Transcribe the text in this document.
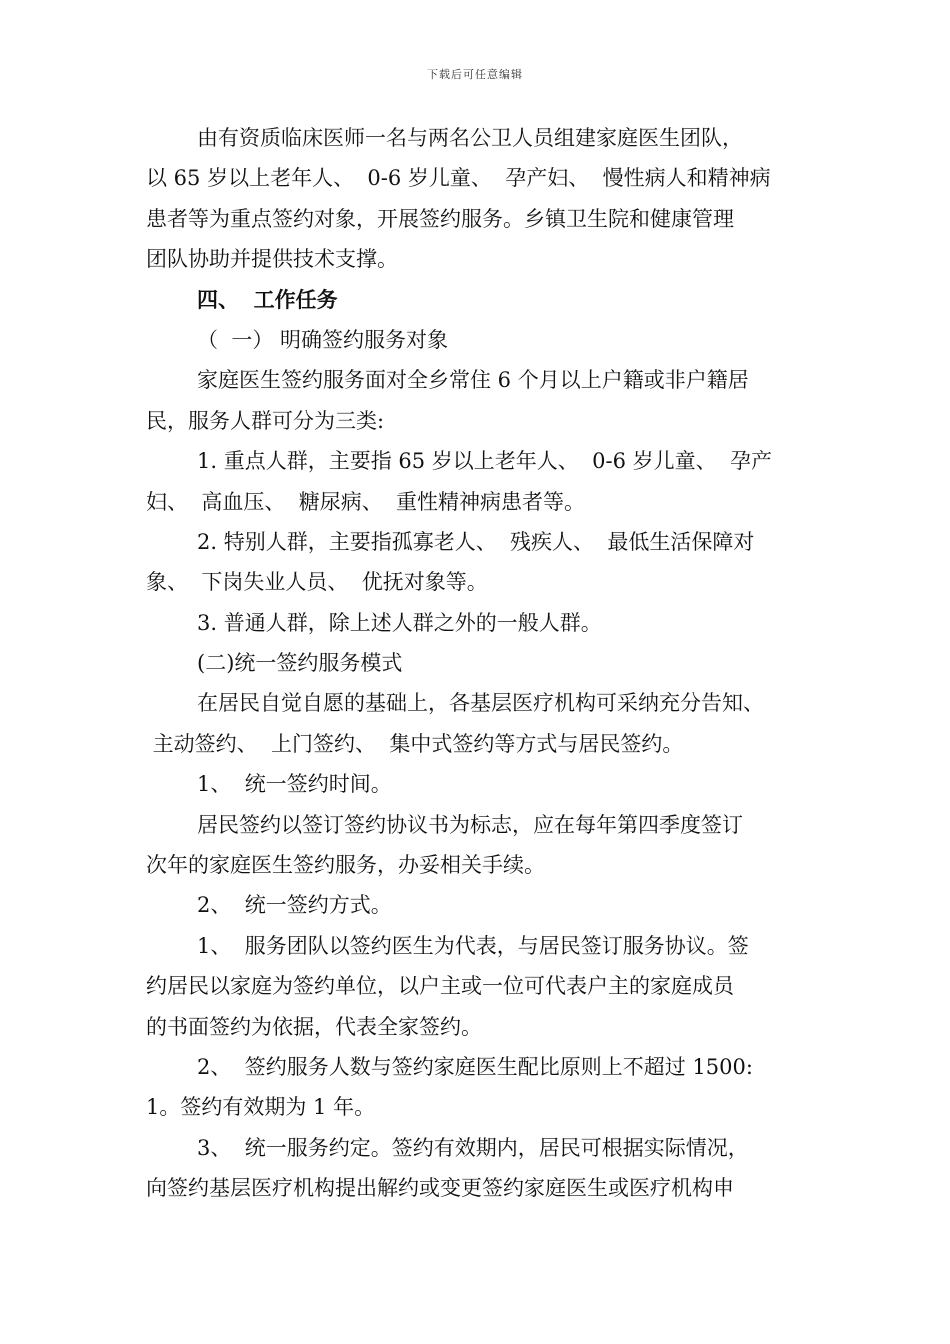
下载后可任意编辑
由有资质临床医师一名与两名公卫人员组建家庭医生团队，
以 65 岁以上老年人、  0-6 岁儿童、  孕产妇、  慢性病人和精神病
患者等为重点签约对象，开展签约服务。乡镇卫生院和健康管理
团队协助并提供技术支撑。
四、  工作任务
（  一） 明确签约服务对象
家庭医生签约服务面对全乡常住 6 个月以上户籍或非户籍居
民，服务人群可分为三类:
1. 重点人群，主要指 65 岁以上老年人、  0-6 岁儿童、  孕产
妇、  高血压、  糖尿病、  重性精神病患者等。
2. 特别人群，主要指孤寡老人、  残疾人、  最低生活保障对
象、  下岗失业人员、  优抚对象等。
3. 普通人群，除上述人群之外的一般人群。
(二)统一签约服务模式
在居民自觉自愿的基础上，各基层医疗机构可采纳充分告知、
主动签约、  上门签约、  集中式签约等方式与居民签约。
1、  统一签约时间。
居民签约以签订签约协议书为标志，应在每年第四季度签订
次年的家庭医生签约服务，办妥相关手续。
2、  统一签约方式。
1、  服务团队以签约医生为代表，与居民签订服务协议。签
约居民以家庭为签约单位，以户主或一位可代表户主的家庭成员
的书面签约为依据，代表全家签约。
2、  签约服务人数与签约家庭医生配比原则上不超过 1500:
1。签约有效期为 1 年。
3、  统一服务约定。签约有效期内，居民可根据实际情况，
向签约基层医疗机构提出解约或变更签约家庭医生或医疗机构申
